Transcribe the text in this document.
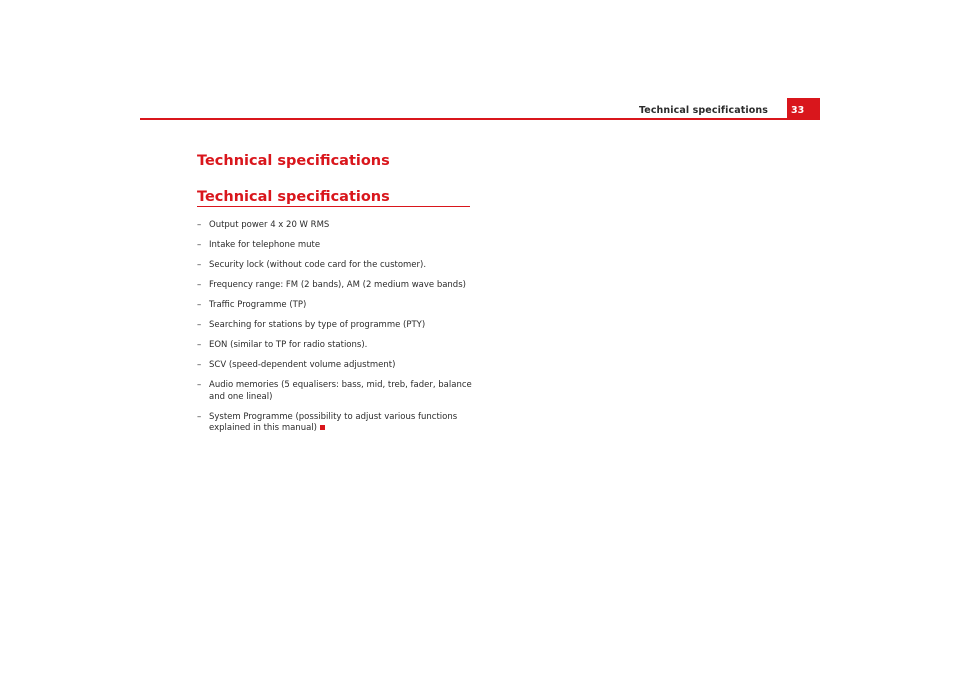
Technical specifications	33
Technical specifications
Technical specifications
– Output power 4 x 20 W RMS
– Intake for telephone mute
– Security lock (without code card for the customer).
– Frequency range: FM (2 bands), AM (2 medium wave bands)
– Traffic Programme (TP)
– Searching for stations by type of programme (PTY)
– EON (similar to TP for radio stations).
– SCV (speed-dependent volume adjustment)
– Audio memories (5 equalisers: bass, mid, treb, fader, balance and one lineal)
– System Programme (possibility to adjust various functions explained in this manual)
